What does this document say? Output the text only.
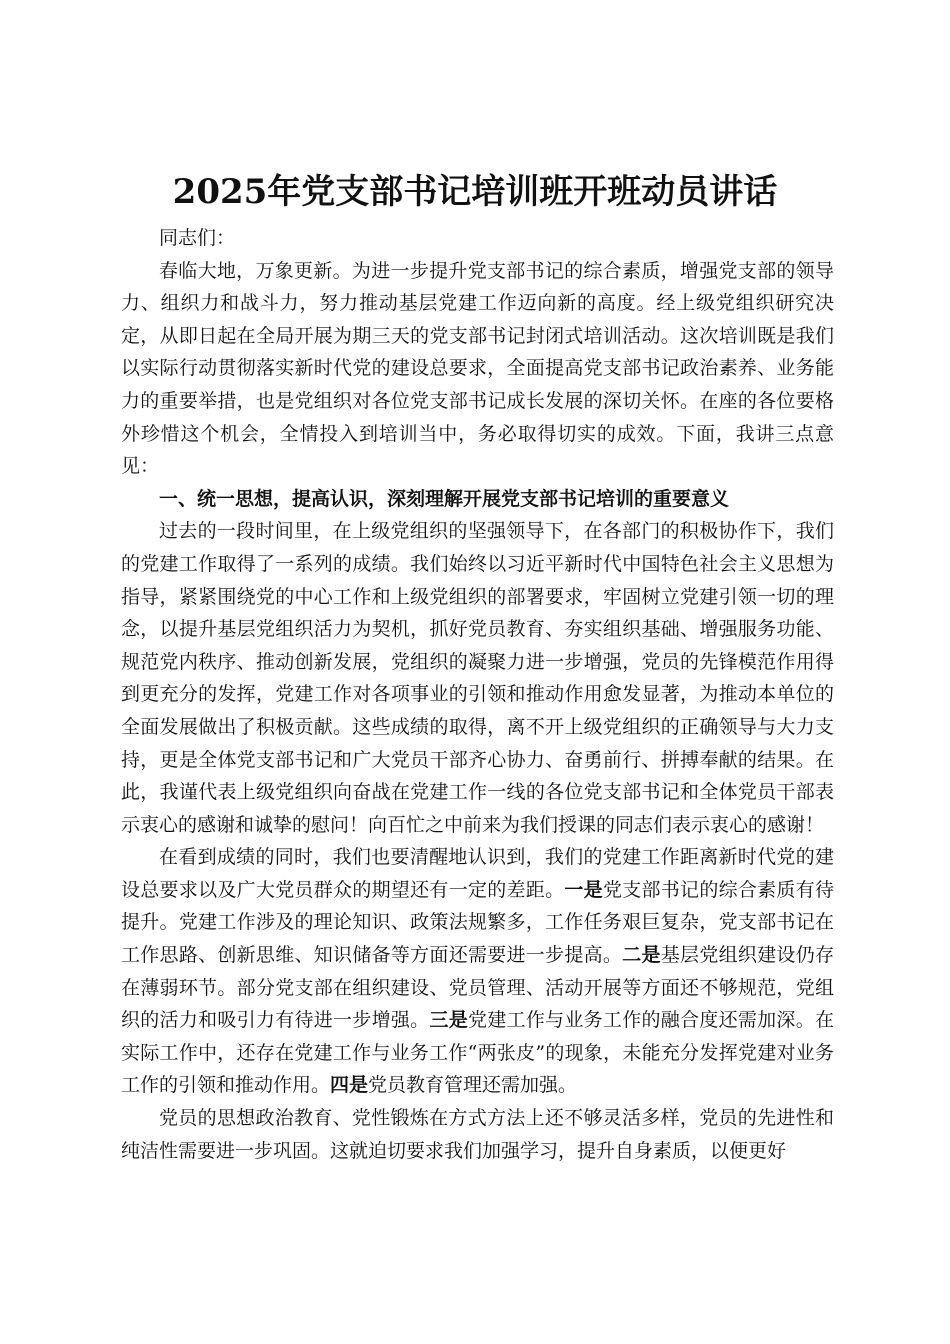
2025年党支部书记培训班开班动员讲话

同志们：

春临大地，万象更新。为进一步提升党支部书记的综合素质，增强党支部的领导力、组织力和战斗力，努力推动基层党建工作迈向新的高度。经上级党组织研究决定，从即日起在全局开展为期三天的党支部书记封闭式培训活动。这次培训既是我们以实际行动贯彻落实新时代党的建设总要求，全面提高党支部书记政治素养、业务能力的重要举措，也是党组织对各位党支部书记成长发展的深切关怀。在座的各位要格外珍惜这个机会，全情投入到培训当中，务必取得切实的成效。下面，我讲三点意见：

一、统一思想，提高认识，深刻理解开展党支部书记培训的重要意义

过去的一段时间里，在上级党组织的坚强领导下，在各部门的积极协作下，我们的党建工作取得了一系列的成绩。我们始终以习近平新时代中国特色社会主义思想为指导，紧紧围绕党的中心工作和上级党组织的部署要求，牢固树立党建引领一切的理念，以提升基层党组织活力为契机，抓好党员教育、夯实组织基础、增强服务功能、规范党内秩序、推动创新发展，党组织的凝聚力进一步增强，党员的先锋模范作用得到更充分的发挥，党建工作对各项事业的引领和推动作用愈发显著，为推动本单位的全面发展做出了积极贡献。这些成绩的取得，离不开上级党组织的正确领导与大力支持，更是全体党支部书记和广大党员干部齐心协力、奋勇前行、拼搏奉献的结果。在此，我谨代表上级党组织向奋战在党建工作一线的各位党支部书记和全体党员干部表示衷心的感谢和诚挚的慰问！向百忙之中前来为我们授课的同志们表示衷心的感谢！

在看到成绩的同时，我们也要清醒地认识到，我们的党建工作距离新时代党的建设总要求以及广大党员群众的期望还有一定的差距。一是党支部书记的综合素质有待提升。党建工作涉及的理论知识、政策法规繁多，工作任务艰巨复杂，党支部书记在工作思路、创新思维、知识储备等方面还需要进一步提高。二是基层党组织建设仍存在薄弱环节。部分党支部在组织建设、党员管理、活动开展等方面还不够规范，党组织的活力和吸引力有待进一步增强。三是党建工作与业务工作的融合度还需加深。在实际工作中，还存在党建工作与业务工作“两张皮”的现象，未能充分发挥党建对业务工作的引领和推动作用。四是党员教育管理还需加强。

党员的思想政治教育、党性锻炼在方式方法上还不够灵活多样，党员的先进性和纯洁性需要进一步巩固。这就迫切要求我们加强学习，提升自身素质，以便更好
